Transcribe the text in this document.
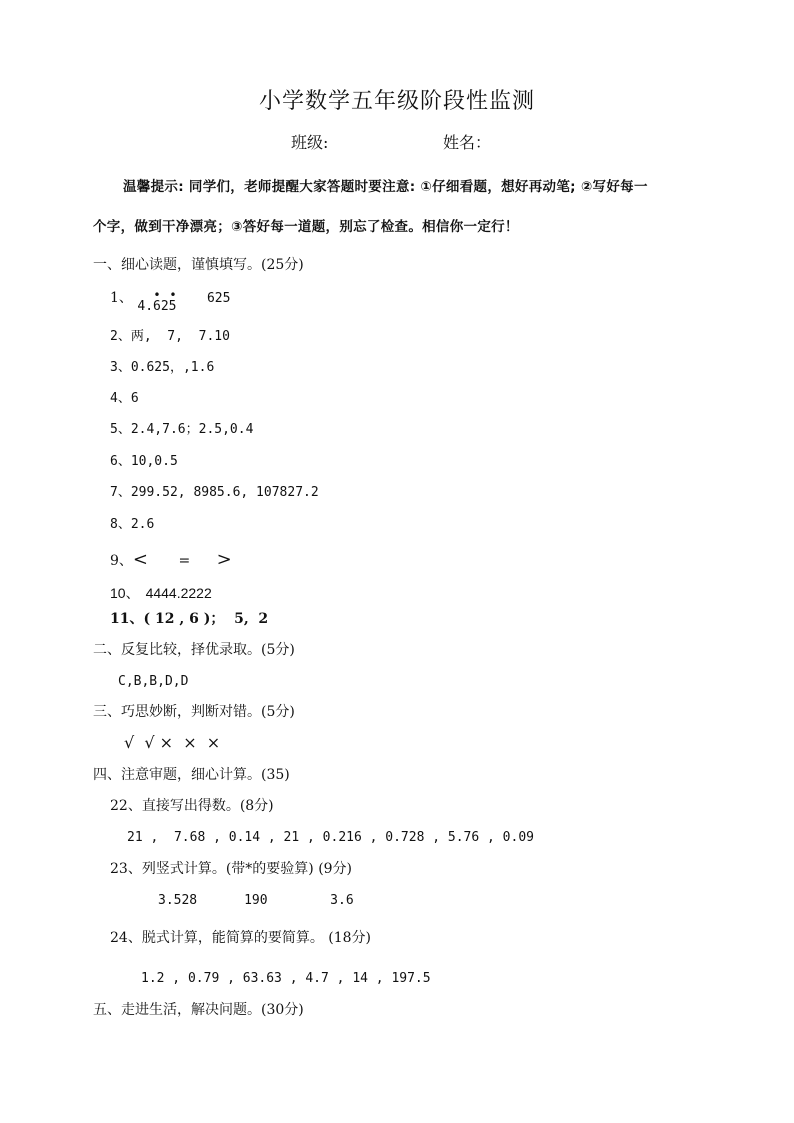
小学数学五年级阶段性监测
班级:	姓名：
温馨提示: 同学们，老师提醒大家答题时要注意: ①仔细看题，想好再动笔; ②写好每一
个字，做到干净漂亮；③答好每一道题，别忘了检查。相信你一定行！
一、细心读题，谨慎填写。(25分)
1、 4.625
• • 625
2、两,  7,  7.10
3、0.625，,1.6
4、6
5、2.4,7.6；2.5,0.4
6、10,0.5
7、299.52, 8985.6, 107827.2
8、2.6
9、< = >
10、 4444.2222
11、( 12 , 6 )；  5,  2
二、反复比较，择优录取。(5分)
C,B,B,D,D
三、巧思妙断，判断对错。(5分)
√  √ ×  ×  ×
四、注意审题，细心计算。(35)
22、直接写出得数。(8分)
21 ,  7.68 , 0.14 , 21 , 0.216 , 0.728 , 5.76 , 0.09
23、列竖式计算。(带*的要验算) (9分)
3.528      190        3.6
24、脱式计算，能简算的要简算。 (18分)
1.2 , 0.79 , 63.63 , 4.7 , 14 , 197.5
五、走进生活，解决问题。(30分)
